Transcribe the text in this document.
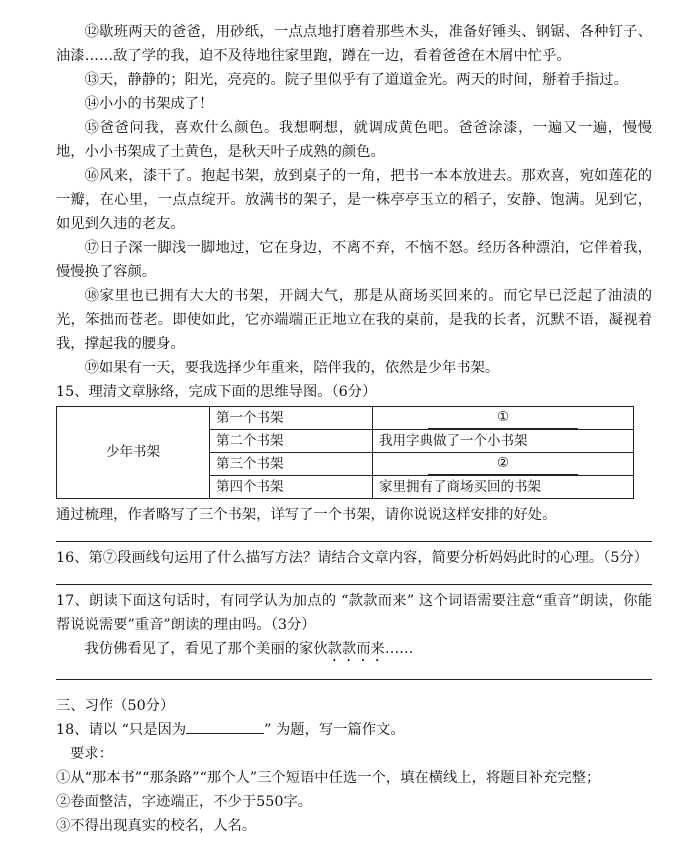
⑫歇班两天的爸爸，用砂纸，一点点地打磨着那些木头，准备好锤头、钢锯、各种钉子、油漆……敌了学的我，迫不及待地往家里跑，蹲在一边，看着爸爸在木屑中忙乎。

⑬天，静静的；阳光，亮亮的。院子里似乎有了道道金光。两天的时间，掰着手指过。

⑭小小的书架成了！

⑮爸爸问我，喜欢什么颜色。我想啊想，就调成黄色吧。爸爸涂漆，一遍又一遍，慢慢地，小小书架成了土黄色，是秋天叶子成熟的颜色。

⑯风来，漆干了。抱起书架，放到桌子的一角，把书一本本放进去。那欢喜，宛如莲花的一瓣，在心里，一点点绽开。放满书的架子，是一株亭亭玉立的稻子，安静、饱满。见到它，如见到久违的老友。

⑰日子深一脚浅一脚地过，它在身边，不离不弃，不恼不怒。经历各种漂泊，它伴着我，慢慢换了容颜。

⑱家里也已拥有大大的书架，开阔大气，那是从商场买回来的。而它早已泛起了油渍的光，笨拙而苍老。即使如此，它亦端端正正地立在我的桌前，是我的长者，沉默不语，凝视着我，撑起我的腰身。

⑲如果有一天，要我选择少年重来，陪伴我的，依然是少年书架。

15、理清文章脉络，完成下面的思维导图。（6分）

少年书架	第一个书架	①
	第二个书架	我用字典做了一个小书架
	第三个书架	②
	第四个书架	家里拥有了商场买回的书架

通过梳理，作者略写了三个书架，详写了一个书架，请你说说这样安排的好处。

16、第⑦段画线句运用了什么描写方法？请结合文章内容，简要分析妈妈此时的心理。（5分）

17、朗读下面这句话时，有同学认为加点的 “款款而来” 这个词语需要注意“重音”朗读，你能帮说说需要”重音”朗读的理由吗。（3分）

我仿佛看见了，看见了那个美丽的家伙款款而来……

三、习作（50分）

18、请以 “只是因为	” 为题，写一篇作文。

要求：

①从“那本书”“那条路”“那个人”三个短语中任选一个，填在横线上，将题目补充完整；

②卷面整洁，字迹端正，不少于550字。

③不得出现真实的校名，人名。
